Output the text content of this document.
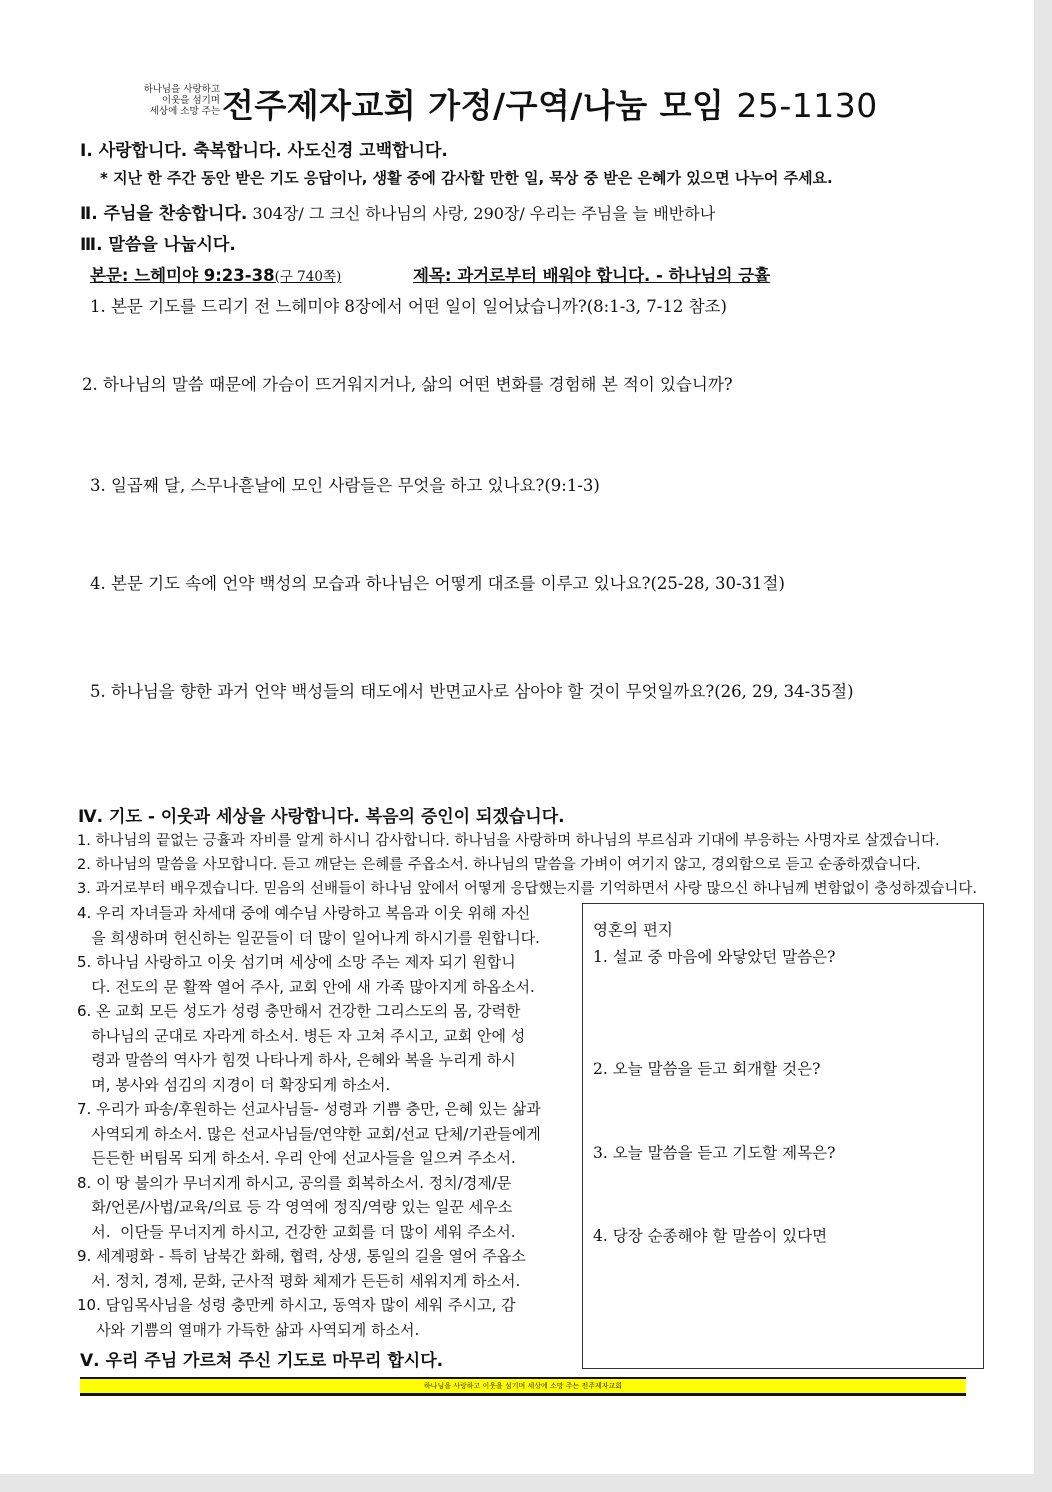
하나님을 사랑하고
이웃을 섬기며
세상에 소망 주는 전주제자교회 가정/구역/나눔 모임 25-1130
Ⅰ. 사랑합니다. 축복합니다. 사도신경 고백합니다.
* 지난 한 주간 동안 받은 기도 응답이나, 생활 중에 감사할 만한 일, 묵상 중 받은 은혜가 있으면 나누어 주세요.
Ⅱ. 주님을 찬송합니다. 304장/ 그 크신 하나님의 사랑, 290장/ 우리는 주님을 늘 배반하나
Ⅲ. 말씀을 나눕시다.
본문: 느헤미야 9:23-38(구 740쪽)	제목: 과거로부터 배워야 합니다. - 하나님의 긍휼
1. 본문 기도를 드리기 전 느헤미야 8장에서 어떤 일이 일어났습니까?(8:1-3, 7-12 참조)
2. 하나님의 말씀 때문에 가슴이 뜨거워지거나, 삶의 어떤 변화를 경험해 본 적이 있습니까?
3. 일곱째 달, 스무나흗날에 모인 사람들은 무엇을 하고 있나요?(9:1-3)
4. 본문 기도 속에 언약 백성의 모습과 하나님은 어떻게 대조를 이루고 있나요?(25-28, 30-31절)
5. 하나님을 향한 과거 언약 백성들의 태도에서 반면교사로 삼아야 할 것이 무엇일까요?(26, 29, 34-35절)
Ⅳ. 기도 - 이웃과 세상을 사랑합니다. 복음의 증인이 되겠습니다.
1. 하나님의 끝없는 긍휼과 자비를 알게 하시니 감사합니다. 하나님을 사랑하며 하나님의 부르심과 기대에 부응하는 사명자로 살겠습니다.
2. 하나님의 말씀을 사모합니다. 듣고 깨닫는 은혜를 주옵소서. 하나님의 말씀을 가벼이 여기지 않고, 경외함으로 듣고 순종하겠습니다.
3. 과거로부터 배우겠습니다. 믿음의 선배들이 하나님 앞에서 어떻게 응답했는지를 기억하면서 사랑 많으신 하나님께 변함없이 충성하겠습니다.
4. 우리 자녀들과 차세대 중에 예수님 사랑하고 복음과 이웃 위해 자신
을 희생하며 헌신하는 일꾼들이 더 많이 일어나게 하시기를 원합니다.
5. 하나님 사랑하고 이웃 섬기며 세상에 소망 주는 제자 되기 원합니
다. 전도의 문 활짝 열어 주사, 교회 안에 새 가족 많아지게 하옵소서.
6. 온 교회 모든 성도가 성령 충만해서 건강한 그리스도의 몸, 강력한
하나님의 군대로 자라게 하소서. 병든 자 고쳐 주시고, 교회 안에 성
령과 말씀의 역사가 힘껏 나타나게 하사, 은혜와 복을 누리게 하시
며, 봉사와 섬김의 지경이 더 확장되게 하소서.
7. 우리가 파송/후원하는 선교사님들- 성령과 기쁨 충만, 은혜 있는 삶과
사역되게 하소서. 많은 선교사님들/연약한 교회/선교 단체/기관들에게
든든한 버팀목 되게 하소서. 우리 안에 선교사들을 일으켜 주소서.
8. 이 땅 불의가 무너지게 하시고, 공의를 회복하소서. 정치/경제/문
화/언론/사법/교육/의료 등 각 영역에 정직/역량 있는 일꾼 세우소
서.  이단들 무너지게 하시고, 건강한 교회를 더 많이 세워 주소서.
9. 세계평화 - 특히 남북간 화해, 협력, 상생, 통일의 길을 열어 주옵소
서. 정치, 경제, 문화, 군사적 평화 체제가 든든히 세워지게 하소서.
10. 담임목사님을 성령 충만케 하시고, 동역자 많이 세워 주시고, 감
사와 기쁨의 열매가 가득한 삶과 사역되게 하소서.
Ⅴ. 우리 주님 가르쳐 주신 기도로 마무리 합시다.
영혼의 편지
1. 설교 중 마음에 와닿았던 말씀은?
2. 오늘 말씀을 듣고 회개할 것은?
3. 오늘 말씀을 듣고 기도할 제목은?
4. 당장 순종해야 할 말씀이 있다면
하나님을 사랑하고 이웃을 섬기며 세상에 소망 주는 전주제자교회
